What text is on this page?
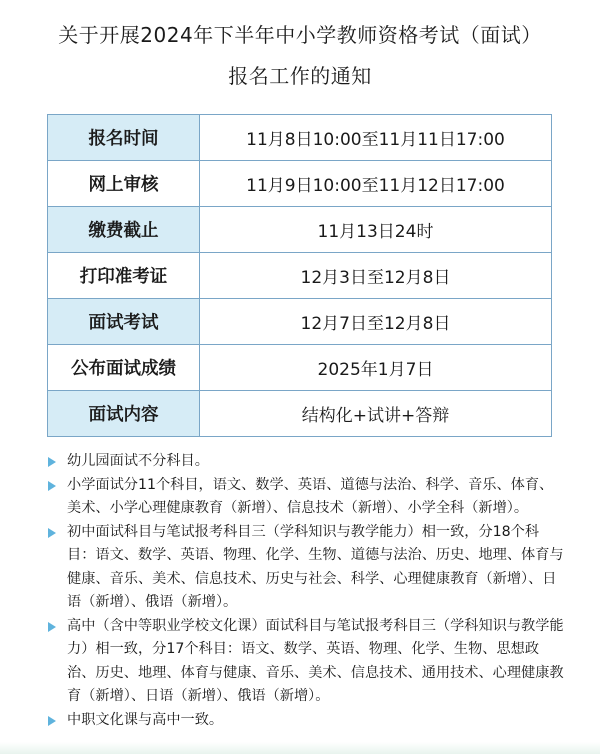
关于开展2024年下半年中小学教师资格考试（面试）
报名工作的通知
报名时间	11月8日10:00至11月11日17:00
网上审核	11月9日10:00至11月12日17:00
缴费截止	11月13日24时
打印准考证	12月3日至12月8日
面试考试	12月7日至12月8日
公布面试成绩	2025年1月7日
面试内容	结构化+试讲+答辩

幼儿园面试不分科目。

小学面试分11个科目，语文、数学、英语、道德与法治、科学、音乐、体育、美术、小学心理健康教育（新增）、信息技术（新增）、小学全科（新增）。

初中面试科目与笔试报考科目三（学科知识与教学能力）相一致，分18个科目：语文、数学、英语、物理、化学、生物、道德与法治、历史、地理、体育与健康、音乐、美术、信息技术、历史与社会、科学、心理健康教育（新增）、日语（新增）、俄语（新增）。

高中（含中等职业学校文化课）面试科目与笔试报考科目三（学科知识与教学能力）相一致，分17个科目：语文、数学、英语、物理、化学、生物、思想政治、历史、地理、体育与健康、音乐、美术、信息技术、通用技术、心理健康教育（新增）、日语（新增）、俄语（新增）。

中职文化课与高中一致。
